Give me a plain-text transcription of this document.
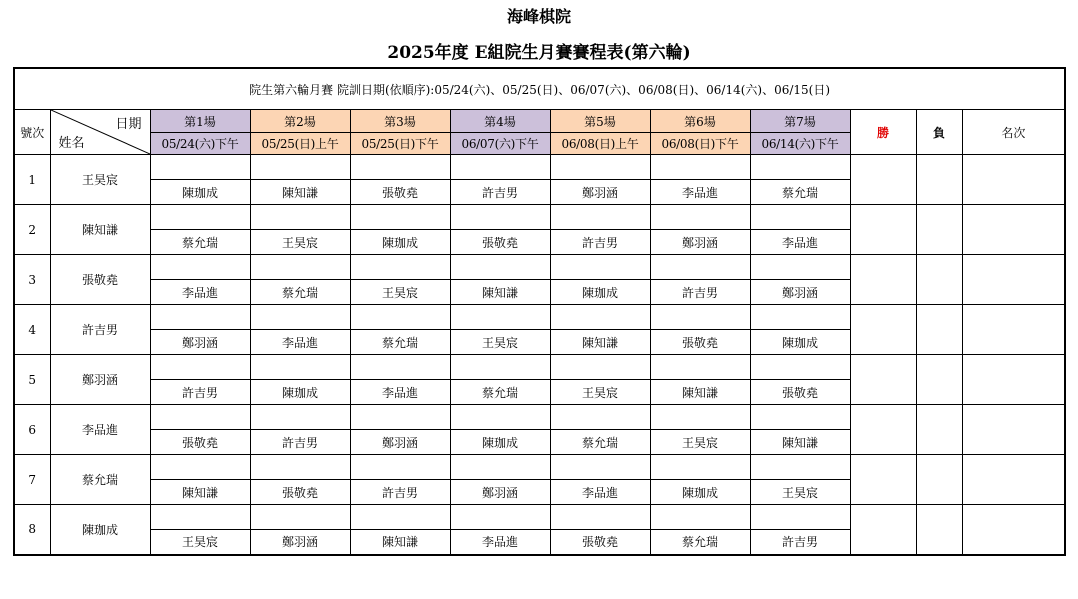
海峰棋院
2025年度 E組院生月賽賽程表(第六輪)
院生第六輪月賽 院訓日期(依順序):05/24(六)、05/25(日)、06/07(六)、06/08(日)、06/14(六)、06/15(日)											
號次	日期
姓名	第1場	第2場	第3場	第4場	第5場	第6場	第7場	勝	負	名次
		05/24(六)下午	05/25(日)上午	05/25(日)下午	06/07(六)下午	06/08(日)上午	06/08(日)下午	06/14(六)下午			
1	王昊宸										
		陳珈成	陳知謙	張敬堯	許吉男	鄭羽涵	李品進	蔡允瑞			
2	陳知謙										
		蔡允瑞	王昊宸	陳珈成	張敬堯	許吉男	鄭羽涵	李品進			
3	張敬堯										
		李品進	蔡允瑞	王昊宸	陳知謙	陳珈成	許吉男	鄭羽涵			
4	許吉男										
		鄭羽涵	李品進	蔡允瑞	王昊宸	陳知謙	張敬堯	陳珈成			
5	鄭羽涵										
		許吉男	陳珈成	李品進	蔡允瑞	王昊宸	陳知謙	張敬堯			
6	李品進										
		張敬堯	許吉男	鄭羽涵	陳珈成	蔡允瑞	王昊宸	陳知謙			
7	蔡允瑞										
		陳知謙	張敬堯	許吉男	鄭羽涵	李品進	陳珈成	王昊宸			
8	陳珈成										
		王昊宸	鄭羽涵	陳知謙	李品進	張敬堯	蔡允瑞	許吉男			
